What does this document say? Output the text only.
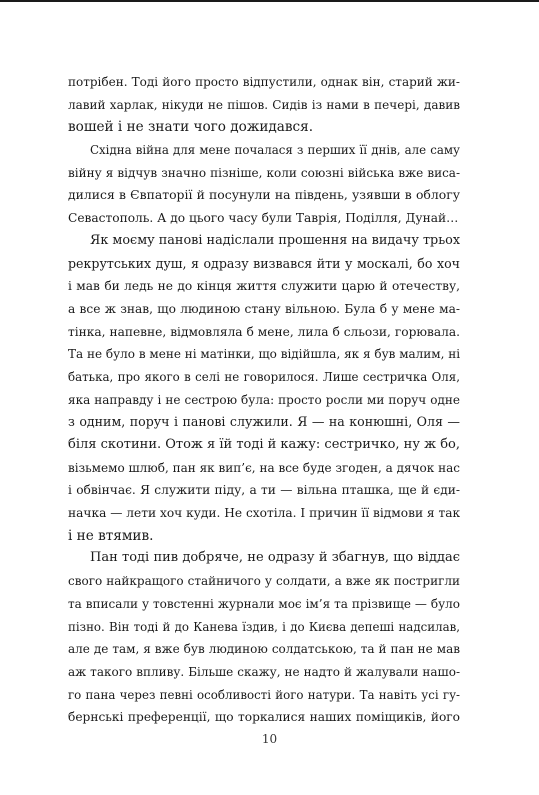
потрібен. Тоді його просто відпустили, однак він, старий жи-
лавий харлак, нікуди не пішов. Сидів із нами в печері, давив
вошей і не знати чого дожидався.
Східна війна для мене почалася з перших її днів, але саму
війну я відчув значно пізніше, коли союзні війська вже виса-
дилися в Євпаторії й посунули на південь, узявши в облогу
Севастополь. А до цього часу були Таврія, Поділля, Дунай…
Як моєму панові надіслали прошення на видачу трьох
рекрутських душ, я одразу визвався йти у москалі, бо хоч
і мав би ледь не до кінця життя служити царю й отечеству,
а все ж знав, що людиною стану вільною. Була б у мене ма-
тінка, напевне, відмовляла б мене, лила б сльози, горювала.
Та не було в мене ні матінки, що відійшла, як я був малим, ні
батька, про якого в селі не говорилося. Лише сестричка Оля,
яка направду і не сестрою була: просто росли ми поруч одне
з одним, поруч і панові служили. Я — на конюшні, Оля —
біля скотини. Отож я їй тоді й кажу: сестричко, ну ж бо,
візьмемо шлюб, пан як вип’є, на все буде згоден, а дячок нас
і обвінчає. Я служити піду, а ти — вільна пташка, ще й єди-
начка — лети хоч куди. Не схотіла. І причин її відмови я так
і не втямив.
Пан тоді пив добряче, не одразу й збагнув, що віддає
свого найкращого стайничого у солдати, а вже як постригли
та вписали у товстенні журнали моє ім’я та прізвище — було
пізно. Він тоді й до Канева їздив, і до Києва депеші надсилав,
але де там, я вже був людиною солдатською, та й пан не мав
аж такого впливу. Більше скажу, не надто й жалували нашо-
го пана через певні особливості його натури. Та навіть усі гу-
бернські преференції, що торкалися наших поміщиків, його
10
